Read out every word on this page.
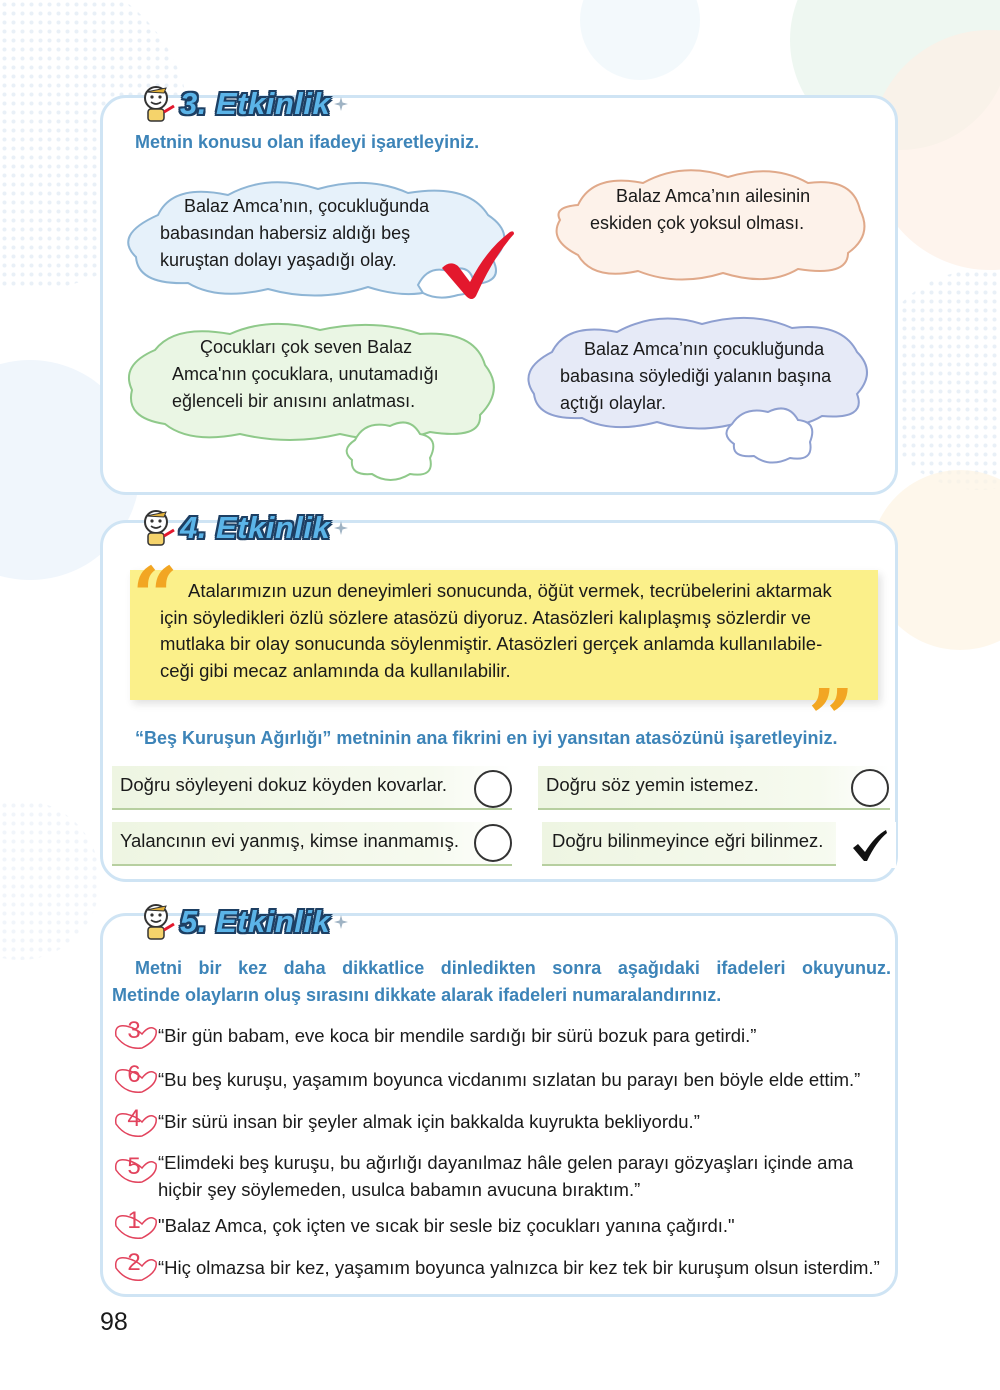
3. Etkinlik
Metnin konusu olan ifadeyi işaretleyiniz.
Balaz Amca’nın, çocukluğunda
babasından habersiz aldığı beş
kuruştan dolayı yaşadığı olay.
Balaz Amca’nın ailesinin
eskiden çok yoksul olması.
Çocukları çok seven Balaz
Amca'nın çocuklara, unutamadığı
eğlenceli bir anısını anlatması.
Balaz Amca’nın çocukluğunda
babasına söylediği yalanın başına
açtığı olaylar.
4. Etkinlik
“ Atalarımızın uzun deneyimleri sonucunda, öğüt vermek, tecrübelerini aktarmak
için söyledikleri özlü sözlere atasözü diyoruz. Atasözleri kalıplaşmış sözlerdir ve
mutlaka bir olay sonucunda söylenmiştir. Atasözleri gerçek anlamda kullanılabile-
ceği gibi mecaz anlamında da kullanılabilir.
”
“Beş Kuruşun Ağırlığı” metninin ana fikrini en iyi yansıtan atasözünü işaretleyiniz.
Doğru söyleyeni dokuz köyden kovarlar.	Doğru söz yemin istemez.
Yalancının evi yanmış, kimse inanmamış.	Doğru bilinmeyince eğri bilinmez.
5. Etkinlik
Metni bir kez daha dikkatlice dinledikten sonra aşağıdaki ifadeleri okuyunuz.
Metinde olayların oluş sırasını dikkate alarak ifadeleri numaralandırınız.
3 “Bir gün babam, eve koca bir mendile sardığı bir sürü bozuk para getirdi.”
6 “Bu beş kuruşu, yaşamım boyunca vicdanımı sızlatan bu parayı ben böyle elde ettim.”
4 “Bir sürü insan bir şeyler almak için bakkalda kuyrukta bekliyordu.”
5 “Elimdeki beş kuruşu, bu ağırlığı dayanılmaz hâle gelen parayı gözyaşları içinde ama
hiçbir şey söylemeden, usulca babamın avucuna bıraktım.”
1 "Balaz Amca, çok içten ve sıcak bir sesle biz çocukları yanına çağırdı."
2 “Hiç olmazsa bir kez, yaşamım boyunca yalnızca bir kez tek bir kuruşum olsun isterdim.”
98
